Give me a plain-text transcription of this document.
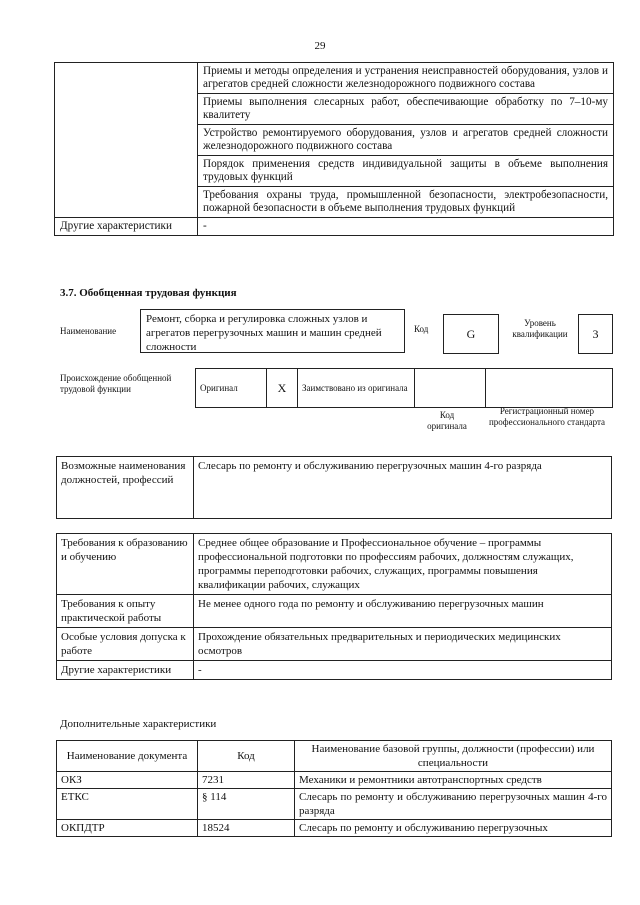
29
	Приемы и методы определения и устранения неисправностей оборудования, узлов и агрегатов средней сложности железнодорожного подвижного состава
	Приемы выполнения слесарных работ, обеспечивающие обработку по 7–10-му квалитету
	Устройство ремонтируемого оборудования, узлов и агрегатов средней сложности железнодорожного подвижного состава
	Порядок применения средств индивидуальной защиты в объеме выполнения трудовых функций
	Требования охраны труда, промышленной безопасности, электробезопасности, пожарной безопасности в объеме выполнения трудовых функций
Другие характеристики	-
3.7. Обобщенная трудовая функция
Наименование
Ремонт, сборка и регулировка сложных узлов и агрегатов перегрузочных машин и машин средней сложности
Код	G
Уровень квалификации	3
Происхождение обобщенной трудовой функции	Оригинал	X	Заимствовано из оригинала		
Код оригинала
Регистрационный номер профессионального стандарта
Возможные наименования должностей, профессий	Слесарь по ремонту и обслуживанию перегрузочных машин 4-го разряда
Требования к образованию и обучению	Среднее общее образование и Профессиональное обучение – программы профессиональной подготовки по профессиям рабочих, должностям служащих, программы переподготовки рабочих, служащих, программы повышения квалификации рабочих, служащих
Требования к опыту практической работы	Не менее одного года по ремонту и обслуживанию перегрузочных машин
Особые условия допуска к работе	Прохождение обязательных предварительных и периодических медицинских осмотров
Другие характеристики	-
Дополнительные характеристики
Наименование документа	Код	Наименование базовой группы, должности (профессии) или специальности
ОКЗ	7231	Механики и ремонтники автотранспортных средств
ЕТКС	§ 114	Слесарь по ремонту и обслуживанию перегрузочных машин 4-го разряда
ОКПДТР	18524	Слесарь по ремонту и обслуживанию перегрузочных
